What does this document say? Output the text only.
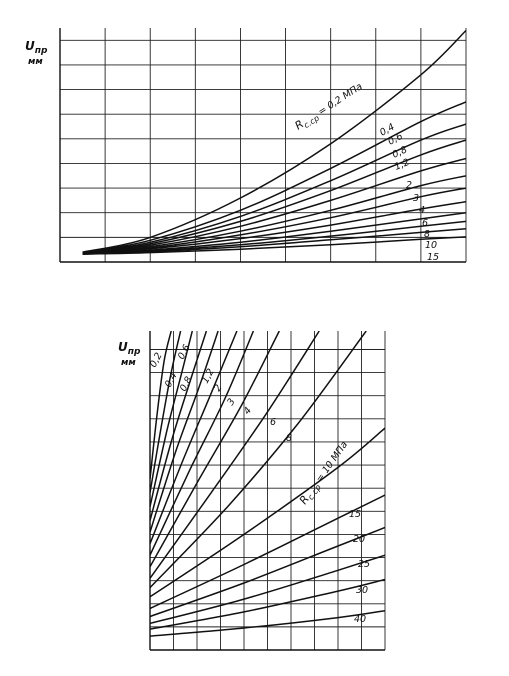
Uпр мм
$R_{с.ср} = 0,2$ МПа
0,4
0,6
0,8
1,2
2
3
4
6
8
10
15
Uпр мм	0,2
0,4
0,6
0,8 1,2
2
3
4
6
8
$R_{с.ср} = 10$ МПа
15
20
25
30
40
